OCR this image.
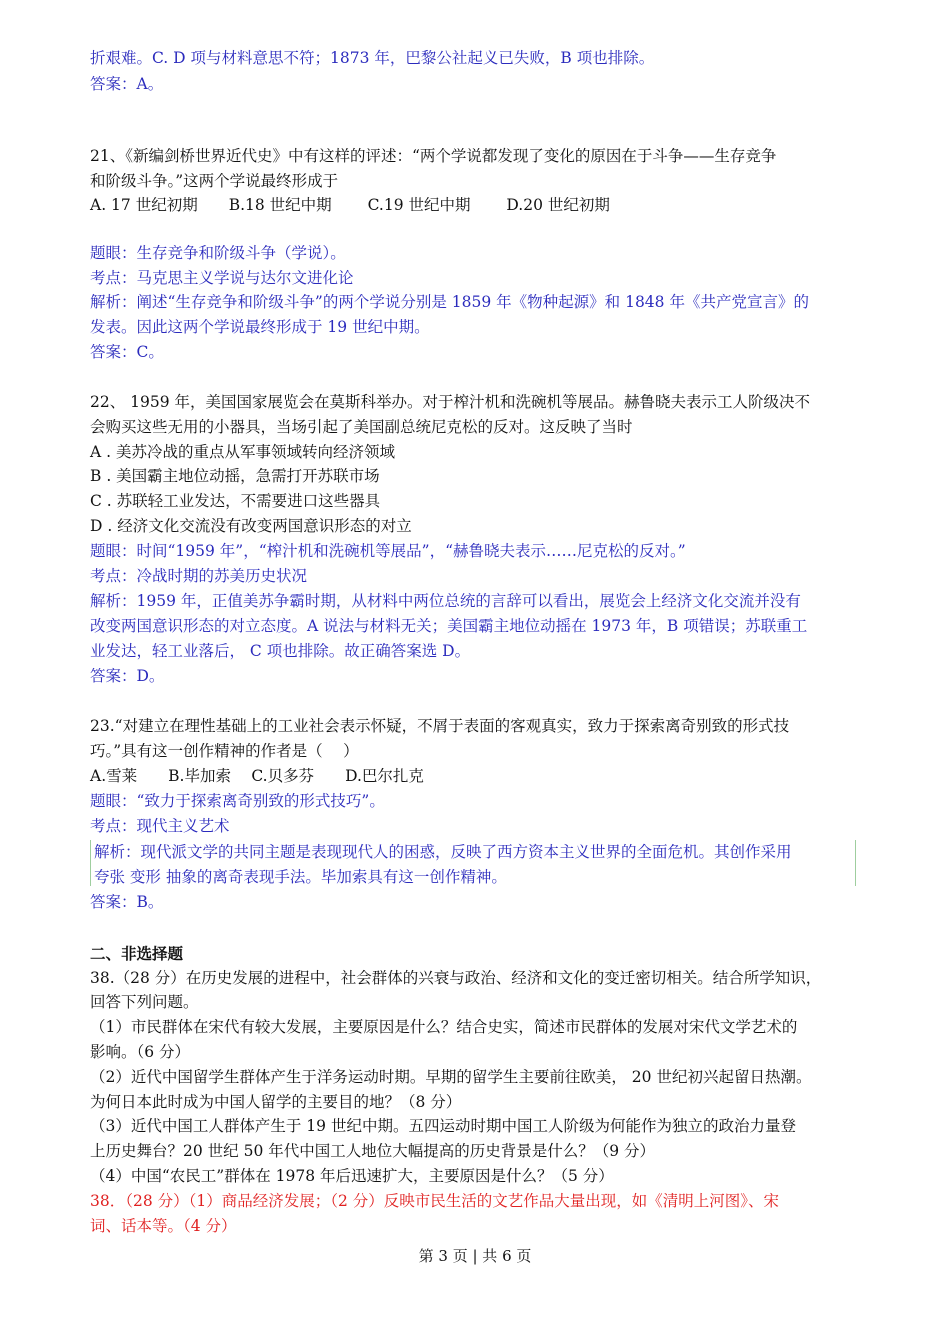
折艰难。C. D 项与材料意思不符；1873 年，巴黎公社起义已失败，B 项也排除。
答案：A。
21、《新编剑桥世界近代史》中有这样的评述：“两个学说都发现了变化的原因在于斗争——生存竞争
和阶级斗争。”这两个学说最终形成于
A. 17 世纪初期　　B.18 世纪中期　　 C.19 世纪中期　　 D.20 世纪初期
题眼：生存竞争和阶级斗争（学说）。
考点：马克思主义学说与达尔文进化论
解析：阐述“生存竞争和阶级斗争”的两个学说分别是 1859 年《物种起源》和 1848 年《共产党宣言》的
发表。因此这两个学说最终形成于 19 世纪中期。
答案：C。
22、 1959 年，美国国家展览会在莫斯科举办。对于榨汁机和洗碗机等展品。赫鲁晓夫表示工人阶级决不
会购买这些无用的小器具，当场引起了美国副总统尼克松的反对。这反映了当时
A . 美苏冷战的重点从军事领域转向经济领域
B . 美国霸主地位动摇，急需打开苏联市场
C . 苏联轻工业发达，不需要进口这些器具
D . 经济文化交流没有改变两国意识形态的对立
题眼：时间“1959 年”，“榨汁机和洗碗机等展品”，“赫鲁晓夫表示……尼克松的反对。”
考点：冷战时期的苏美历史状况
解析：1959 年，正值美苏争霸时期，从材料中两位总统的言辞可以看出，展览会上经济文化交流并没有
改变两国意识形态的对立态度。A 说法与材料无关；美国霸主地位动摇在 1973 年，B 项错误；苏联重工
业发达，轻工业落后， C 项也排除。故正确答案选 D。
答案：D。
23.“对建立在理性基础上的工业社会表示怀疑，不屑于表面的客观真实，致力于探索离奇别致的形式技
巧。”具有这一创作精神的作者是（　 ）
A.雪莱　　B.毕加索　 C.贝多芬　　D.巴尔扎克
题眼：“致力于探索离奇别致的形式技巧”。
考点：现代主义艺术
解析：现代派文学的共同主题是表现现代人的困惑，反映了西方资本主义世界的全面危机。其创作采用
夸张 变形 抽象的离奇表现手法。毕加索具有这一创作精神。
答案：B。
二、非选择题
38.（28 分）在历史发展的进程中，社会群体的兴衰与政治、经济和文化的变迁密切相关。结合所学知识，
回答下列问题。
（1）市民群体在宋代有较大发展，主要原因是什么？结合史实，简述市民群体的发展对宋代文学艺术的
影响。（6 分）
（2）近代中国留学生群体产生于洋务运动时期。早期的留学生主要前往欧美， 20 世纪初兴起留日热潮。
为何日本此时成为中国人留学的主要目的地？（8 分）
（3）近代中国工人群体产生于 19 世纪中期。五四运动时期中国工人阶级为何能作为独立的政治力量登
上历史舞台？20 世纪 50 年代中国工人地位大幅提高的历史背景是什么？（9 分）
（4）中国“农民工”群体在 1978 年后迅速扩大，主要原因是什么？（5 分）
38．（28 分）（1）商品经济发展；（2 分）反映市民生活的文艺作品大量出现，如《清明上河图》、宋
词、话本等。（4 分）
第 3 页 | 共 6 页
